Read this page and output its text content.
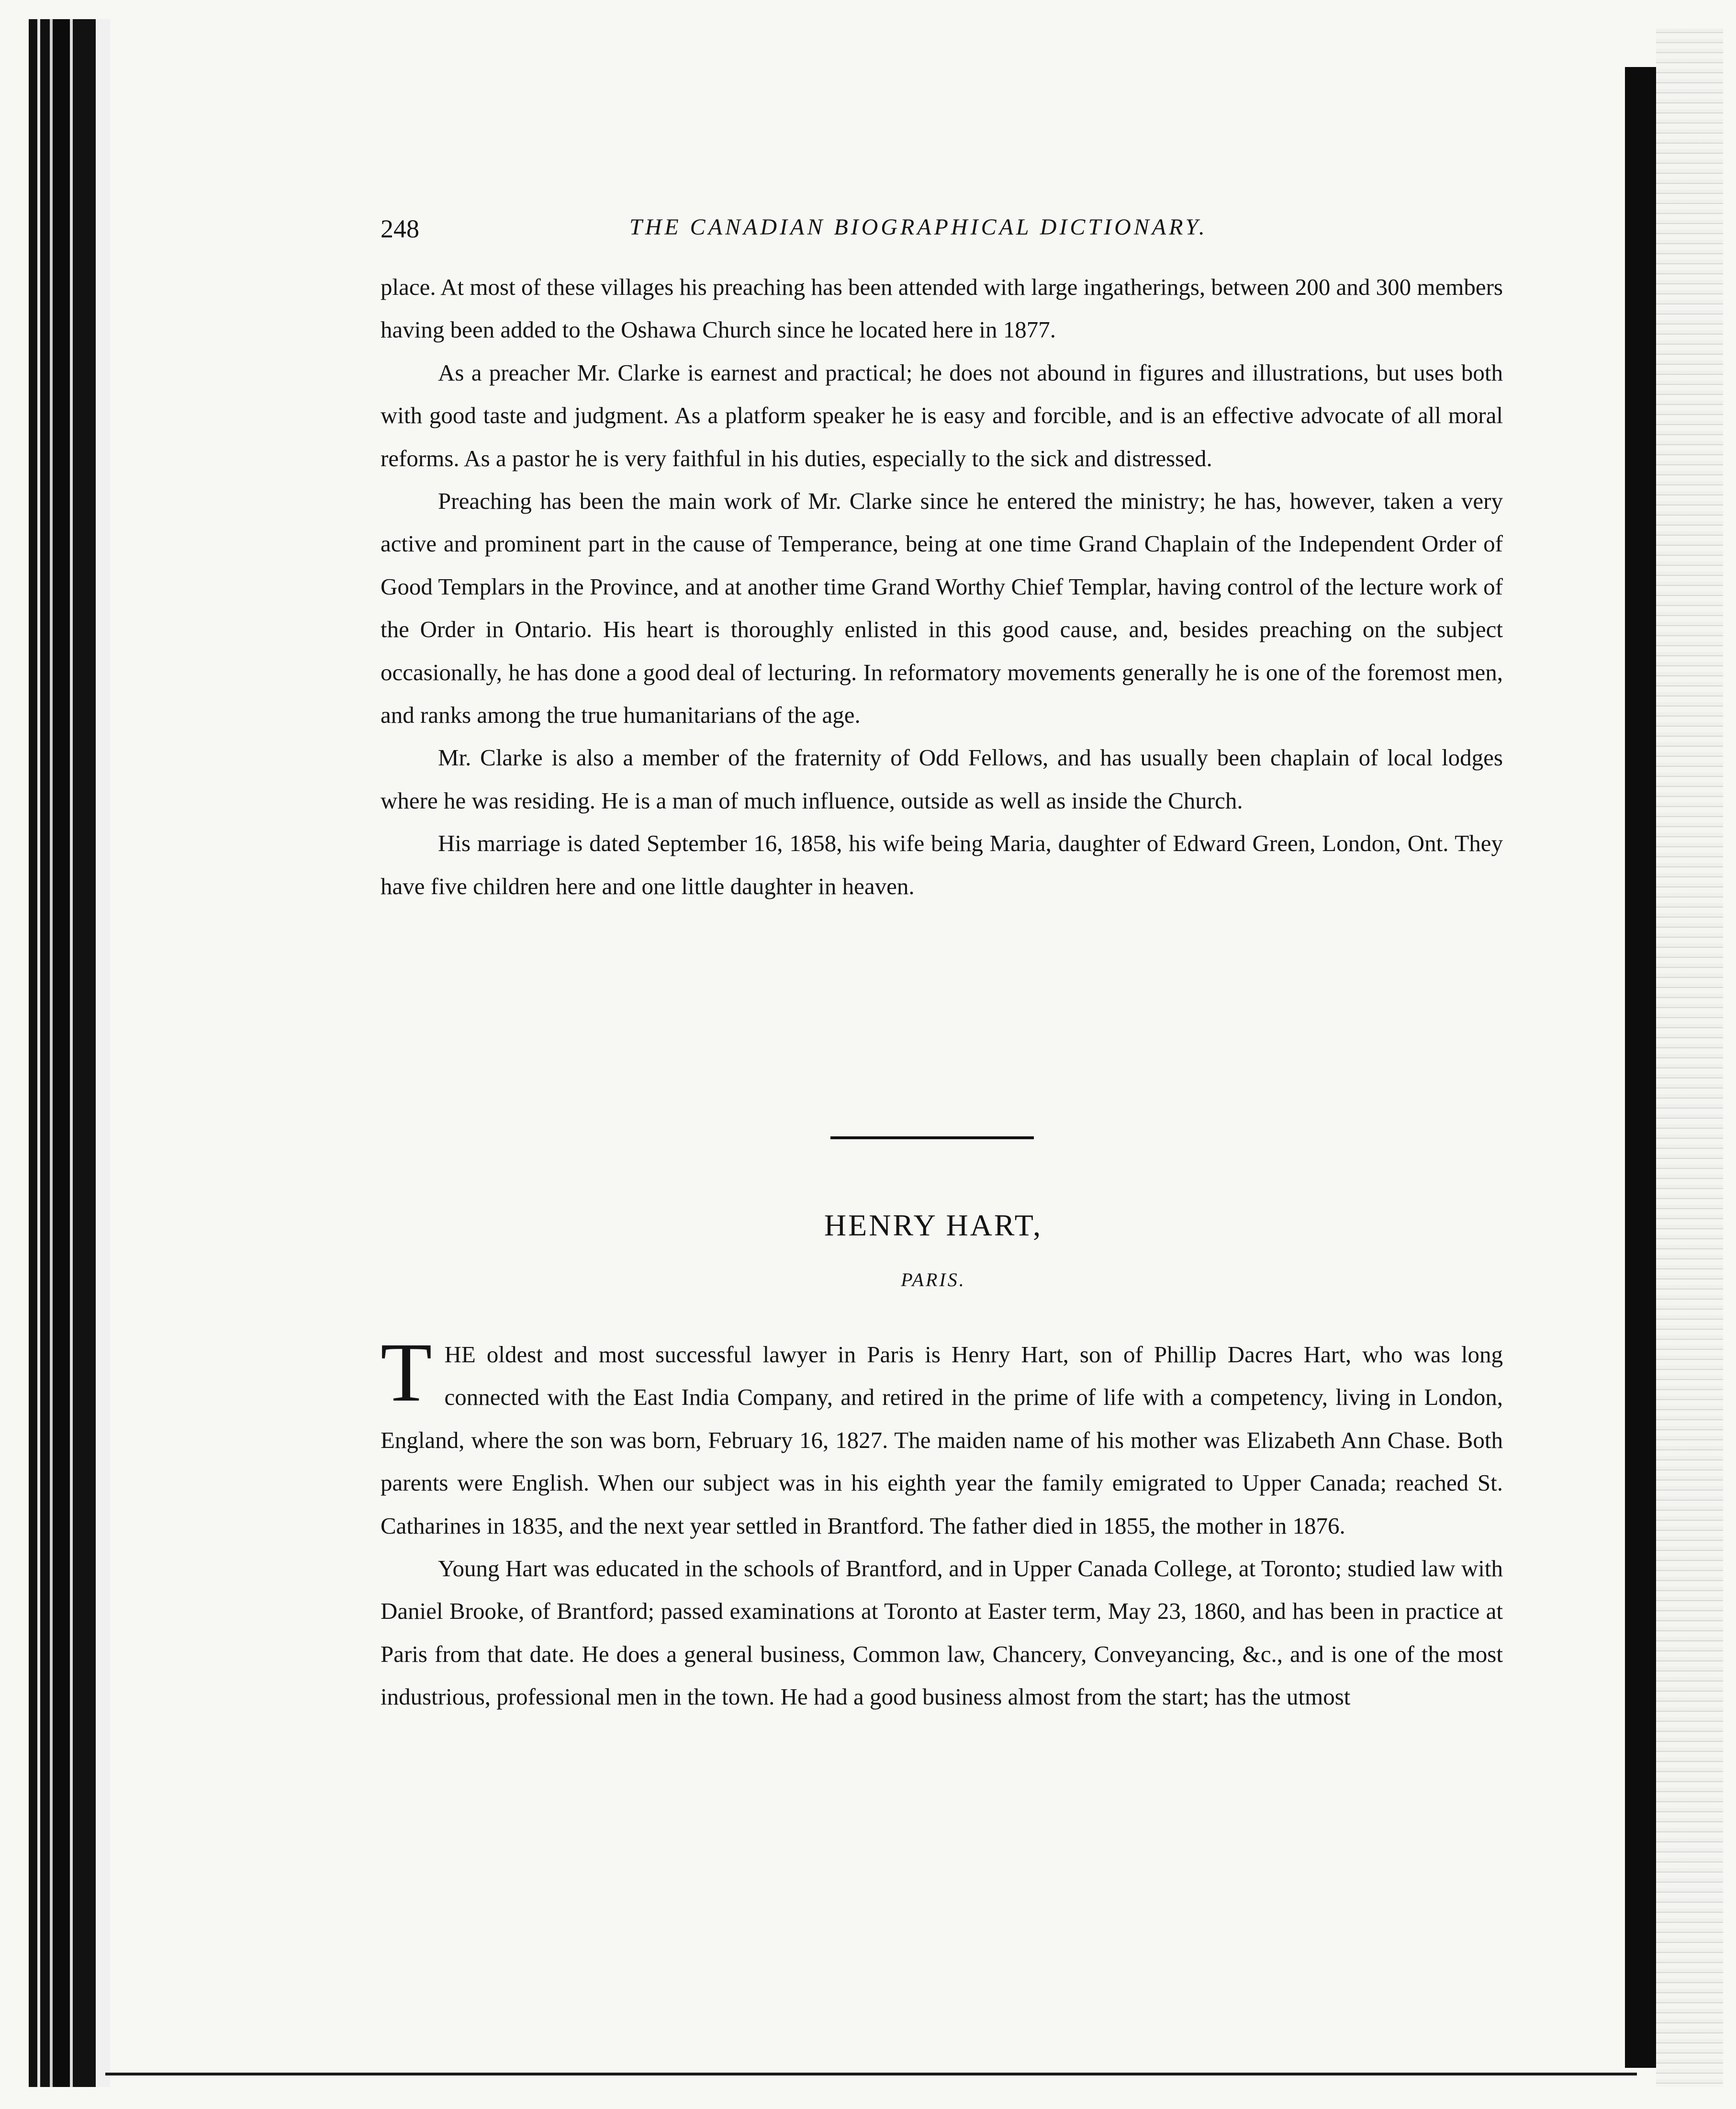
248	THE CANADIAN BIOGRAPHICAL DICTIONARY.

place. At most of these villages his preaching has been attended with large ingatherings, between 200 and 300 members having been added to the Oshawa Church since he located here in 1877.

As a preacher Mr. Clarke is earnest and practical; he does not abound in figures and illustrations, but uses both with good taste and judgment. As a platform speaker he is easy and forcible, and is an effective advocate of all moral reforms. As a pastor he is very faithful in his duties, especially to the sick and distressed.

Preaching has been the main work of Mr. Clarke since he entered the ministry; he has, however, taken a very active and prominent part in the cause of Temperance, being at one time Grand Chaplain of the Independent Order of Good Templars in the Province, and at another time Grand Worthy Chief Templar, having control of the lecture work of the Order in Ontario. His heart is thoroughly enlisted in this good cause, and, besides preaching on the subject occasionally, he has done a good deal of lecturing. In reformatory movements generally he is one of the foremost men, and ranks among the true humanitarians of the age.

Mr. Clarke is also a member of the fraternity of Odd Fellows, and has usually been chaplain of local lodges where he was residing. He is a man of much influence, outside as well as inside the Church.

His marriage is dated September 16, 1858, his wife being Maria, daughter of Edward Green, London, Ont. They have five children here and one little daughter in heaven.

HENRY HART,
PARIS.

THE oldest and most successful lawyer in Paris is Henry Hart, son of Phillip Dacres Hart, who was long connected with the East India Company, and retired in the prime of life with a competency, living in London, England, where the son was born, February 16, 1827. The maiden name of his mother was Elizabeth Ann Chase. Both parents were English. When our subject was in his eighth year the family emigrated to Upper Canada; reached St. Catharines in 1835, and the next year settled in Brantford. The father died in 1855, the mother in 1876.

Young Hart was educated in the schools of Brantford, and in Upper Canada College, at Toronto; studied law with Daniel Brooke, of Brantford; passed examinations at Toronto at Easter term, May 23, 1860, and has been in practice at Paris from that date. He does a general business, Common law, Chancery, Conveyancing, &c., and is one of the most industrious, professional men in the town. He had a good business almost from the start; has the utmost
